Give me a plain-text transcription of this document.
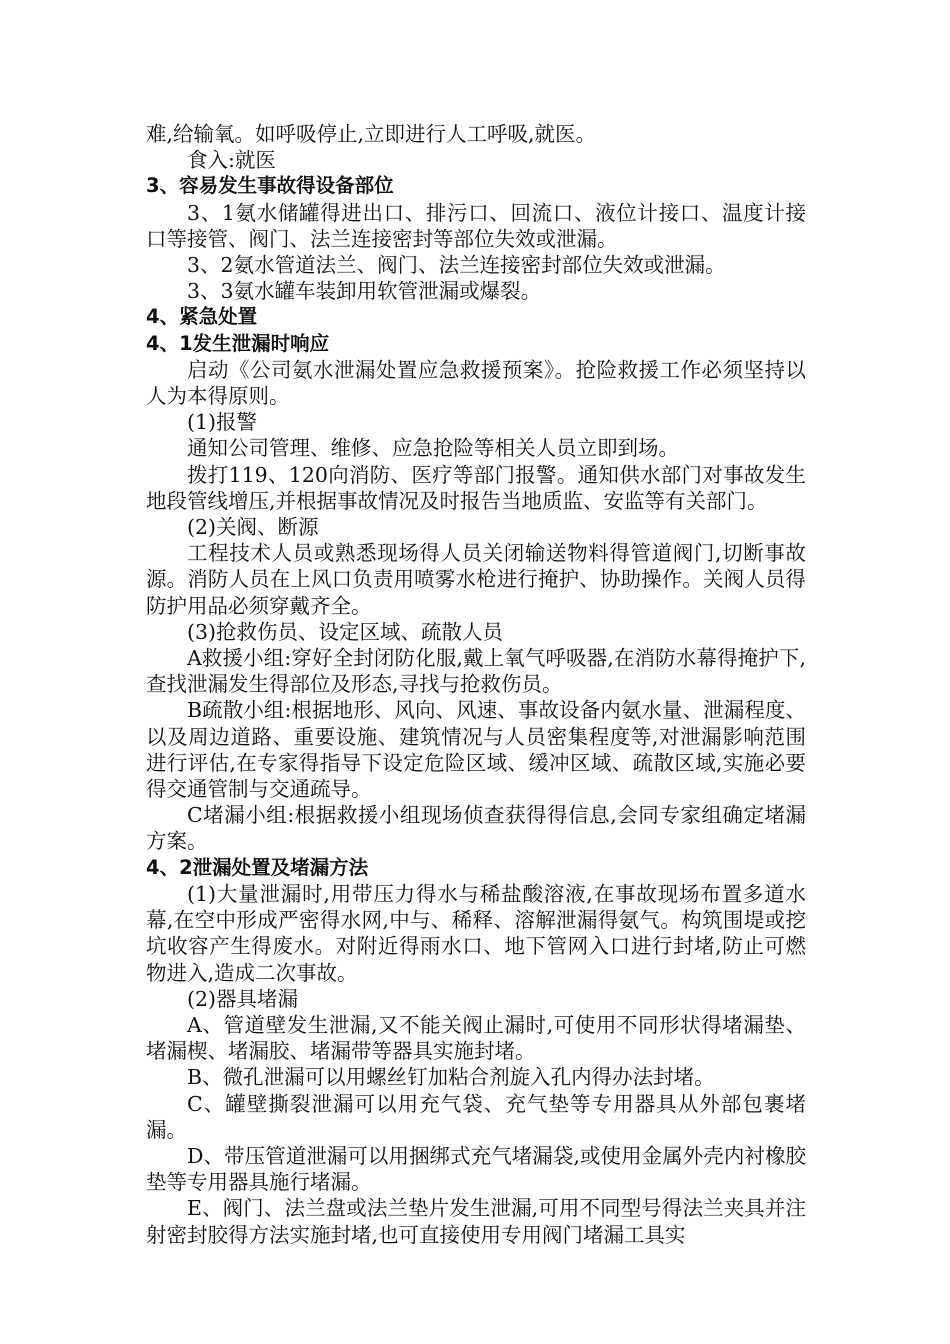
难,给输氧。如呼吸停止,立即进行人工呼吸,就医。

食入:就医

3、容易发生事故得设备部位

3、1氨水储罐得进出口、排污口、回流口、液位计接口、温度计接口等接管、阀门、法兰连接密封等部位失效或泄漏。

3、2氨水管道法兰、阀门、法兰连接密封部位失效或泄漏。

3、3氨水罐车装卸用软管泄漏或爆裂。

4、紧急处置

4、1发生泄漏时响应

启动《公司氨水泄漏处置应急救援预案》。抢险救援工作必须坚持以人为本得原则。

(1)报警

通知公司管理、维修、应急抢险等相关人员立即到场。

拨打119、120向消防、医疗等部门报警。通知供水部门对事故发生地段管线增压,并根据事故情况及时报告当地质监、安监等有关部门。

(2)关阀、断源

工程技术人员或熟悉现场得人员关闭输送物料得管道阀门,切断事故源。消防人员在上风口负责用喷雾水枪进行掩护、协助操作。关阀人员得防护用品必须穿戴齐全。

(3)抢救伤员、设定区域、疏散人员

A救援小组:穿好全封闭防化服,戴上氧气呼吸器,在消防水幕得掩护下,查找泄漏发生得部位及形态,寻找与抢救伤员。

B疏散小组:根据地形、风向、风速、事故设备内氨水量、泄漏程度、以及周边道路、重要设施、建筑情况与人员密集程度等,对泄漏影响范围进行评估,在专家得指导下设定危险区域、缓冲区域、疏散区域,实施必要得交通管制与交通疏导。

C堵漏小组:根据救援小组现场侦查获得得信息,会同专家组确定堵漏方案。

4、2泄漏处置及堵漏方法

(1)大量泄漏时,用带压力得水与稀盐酸溶液,在事故现场布置多道水幕,在空中形成严密得水网,中与、稀释、溶解泄漏得氨气。构筑围堤或挖坑收容产生得废水。对附近得雨水口、地下管网入口进行封堵,防止可燃物进入,造成二次事故。

(2)器具堵漏

A、管道壁发生泄漏,又不能关阀止漏时,可使用不同形状得堵漏垫、堵漏楔、堵漏胶、堵漏带等器具实施封堵。

B、微孔泄漏可以用螺丝钉加粘合剂旋入孔内得办法封堵。

C、罐壁撕裂泄漏可以用充气袋、充气垫等专用器具从外部包裹堵漏。

D、带压管道泄漏可以用捆绑式充气堵漏袋,或使用金属外壳内衬橡胶垫等专用器具施行堵漏。

E、阀门、法兰盘或法兰垫片发生泄漏,可用不同型号得法兰夹具并注射密封胶得方法实施封堵,也可直接使用专用阀门堵漏工具实
